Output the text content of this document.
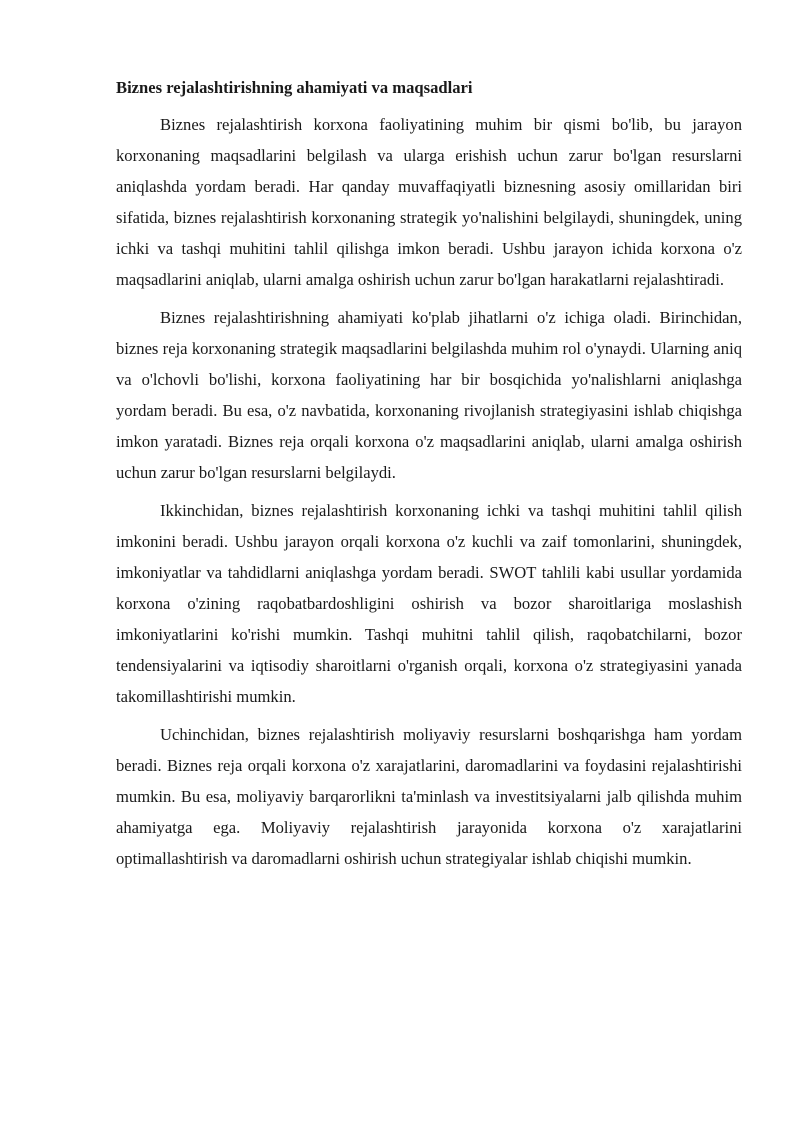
Biznes rejalashtirishning ahamiyati va maqsadlari

Biznes rejalashtirish korxona faoliyatining muhim bir qismi bo'lib, bu jarayon korxonaning maqsadlarini belgilash va ularga erishish uchun zarur bo'lgan resurslarni aniqlashda yordam beradi. Har qanday muvaffaqiyatli biznesning asosiy omillaridan biri sifatida, biznes rejalashtirish korxonaning strategik yo'nalishini belgilaydi, shuningdek, uning ichki va tashqi muhitini tahlil qilishga imkon beradi. Ushbu jarayon ichida korxona o'z maqsadlarini aniqlab, ularni amalga oshirish uchun zarur bo'lgan harakatlarni rejalashtiradi.

Biznes rejalashtirishning ahamiyati ko'plab jihatlarni o'z ichiga oladi. Birinchidan, biznes reja korxonaning strategik maqsadlarini belgilashda muhim rol o'ynaydi. Ularning aniq va o'lchovli bo'lishi, korxona faoliyatining har bir bosqichida yo'nalishlarni aniqlashga yordam beradi. Bu esa, o'z navbatida, korxonaning rivojlanish strategiyasini ishlab chiqishga imkon yaratadi. Biznes reja orqali korxona o'z maqsadlarini aniqlab, ularni amalga oshirish uchun zarur bo'lgan resurslarni belgilaydi.

Ikkinchidan, biznes rejalashtirish korxonaning ichki va tashqi muhitini tahlil qilish imkonini beradi. Ushbu jarayon orqali korxona o'z kuchli va zaif tomonlarini, shuningdek, imkoniyatlar va tahdidlarni aniqlashga yordam beradi. SWOT tahlili kabi usullar yordamida korxona o'zining raqobatbardoshligini oshirish va bozor sharoitlariga moslashish imkoniyatlarini ko'rishi mumkin. Tashqi muhitni tahlil qilish, raqobatchilarni, bozor tendensiyalarini va iqtisodiy sharoitlarni o'rganish orqali, korxona o'z strategiyasini yanada takomillashtirishi mumkin.

Uchinchidan, biznes rejalashtirish moliyaviy resurslarni boshqarishga ham yordam beradi. Biznes reja orqali korxona o'z xarajatlarini, daromadlarini va foydasini rejalashtirishi mumkin. Bu esa, moliyaviy barqarorlikni ta'minlash va investitsiyalarni jalb qilishda muhim ahamiyatga ega. Moliyaviy rejalashtirish jarayonida korxona o'z xarajatlarini optimallashtirish va daromadlarni oshirish uchun strategiyalar ishlab chiqishi mumkin.
